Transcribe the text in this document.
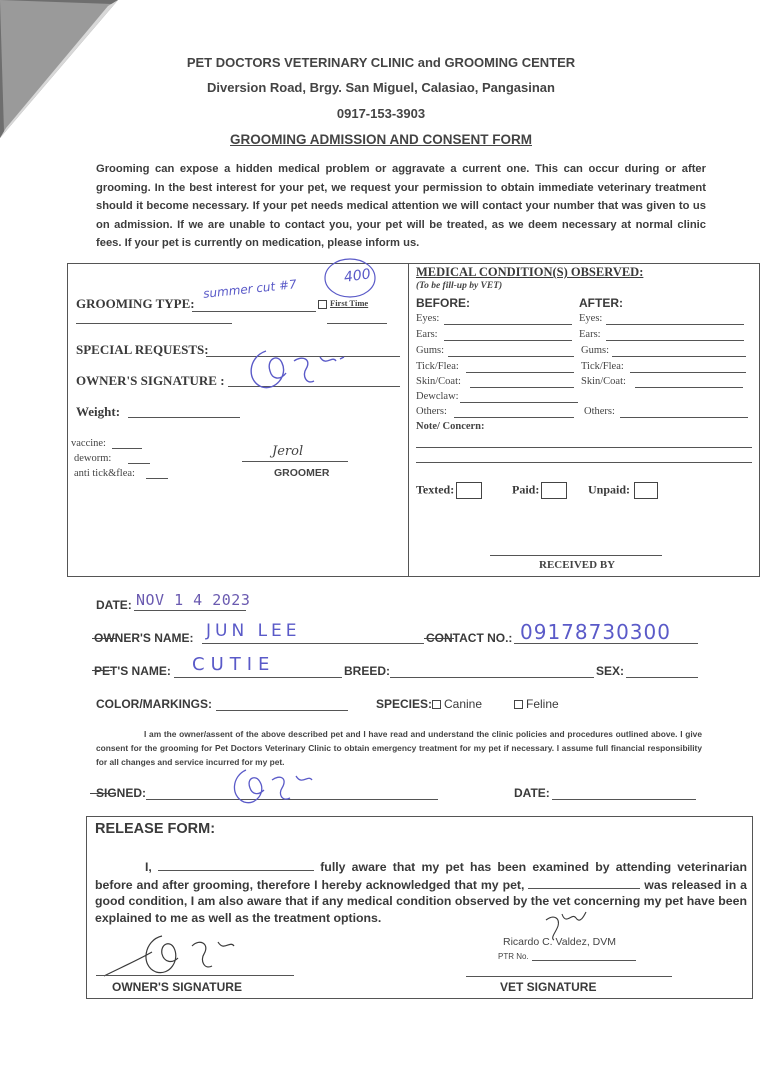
PET DOCTORS VETERINARY CLINIC and GROOMING CENTER
Diversion Road, Brgy. San Miguel, Calasiao, Pangasinan
0917-153-3903
GROOMING ADMISSION AND CONSENT FORM
Grooming can expose a hidden medical problem or aggravate a current one. This can occur during or after grooming. In the best interest for your pet, we request your permission to obtain immediate veterinary treatment should it become necessary. If your pet needs medical attention we will contact your number that was given to us on admission. If we are unable to contact you, your pet will be treated, as we deem necessary at normal clinic fees. If your pet is currently on medication, please inform us.
GROOMING TYPE:
summer cut #7
400
First Time
SPECIAL REQUESTS:
OWNER'S SIGNATURE :
Weight:
vaccine:
deworm:
anti tick&flea:
Jerol
GROOMER
MEDICAL CONDITION(S) OBSERVED:
(To be fill-up by VET)
BEFORE:	AFTER:
Eyes:	Eyes:
Ears:	Ears:
Gums:	Gums:
Tick/Flea:	Tick/Flea:
Skin/Coat:	Skin/Coat:
Dewclaw:
Others:	Others:
Note/ Concern:
Texted:	Paid:	Unpaid:
RECEIVED BY
DATE: NOV 1 4 2023
OWNER'S NAME: JUN LEE	CONTACT NO.: 09178730300
PET'S NAME: CUTIE	BREED:	SEX:
COLOR/MARKINGS:	SPECIES: Canine	Feline
I am the owner/assent of the above described pet and I have read and understand the clinic policies and procedures outlined above. I give consent for the grooming for Pet Doctors Veterinary Clinic to obtain emergency treatment for my pet if necessary. I assume full financial responsibility for all changes and service incurred for my pet.
SIGNED:	DATE:
RELEASE FORM:
I,	fully aware that my pet has been examined by attending veterinarian before and after grooming, therefore I hereby acknowledged that my pet,	was released in a good condition, I am also aware that if any medical condition observed by the vet concerning my pet have been explained to me as well as the treatment options.
OWNER'S SIGNATURE
Ricardo C. Valdez, DVM
PTR No.
VET SIGNATURE
